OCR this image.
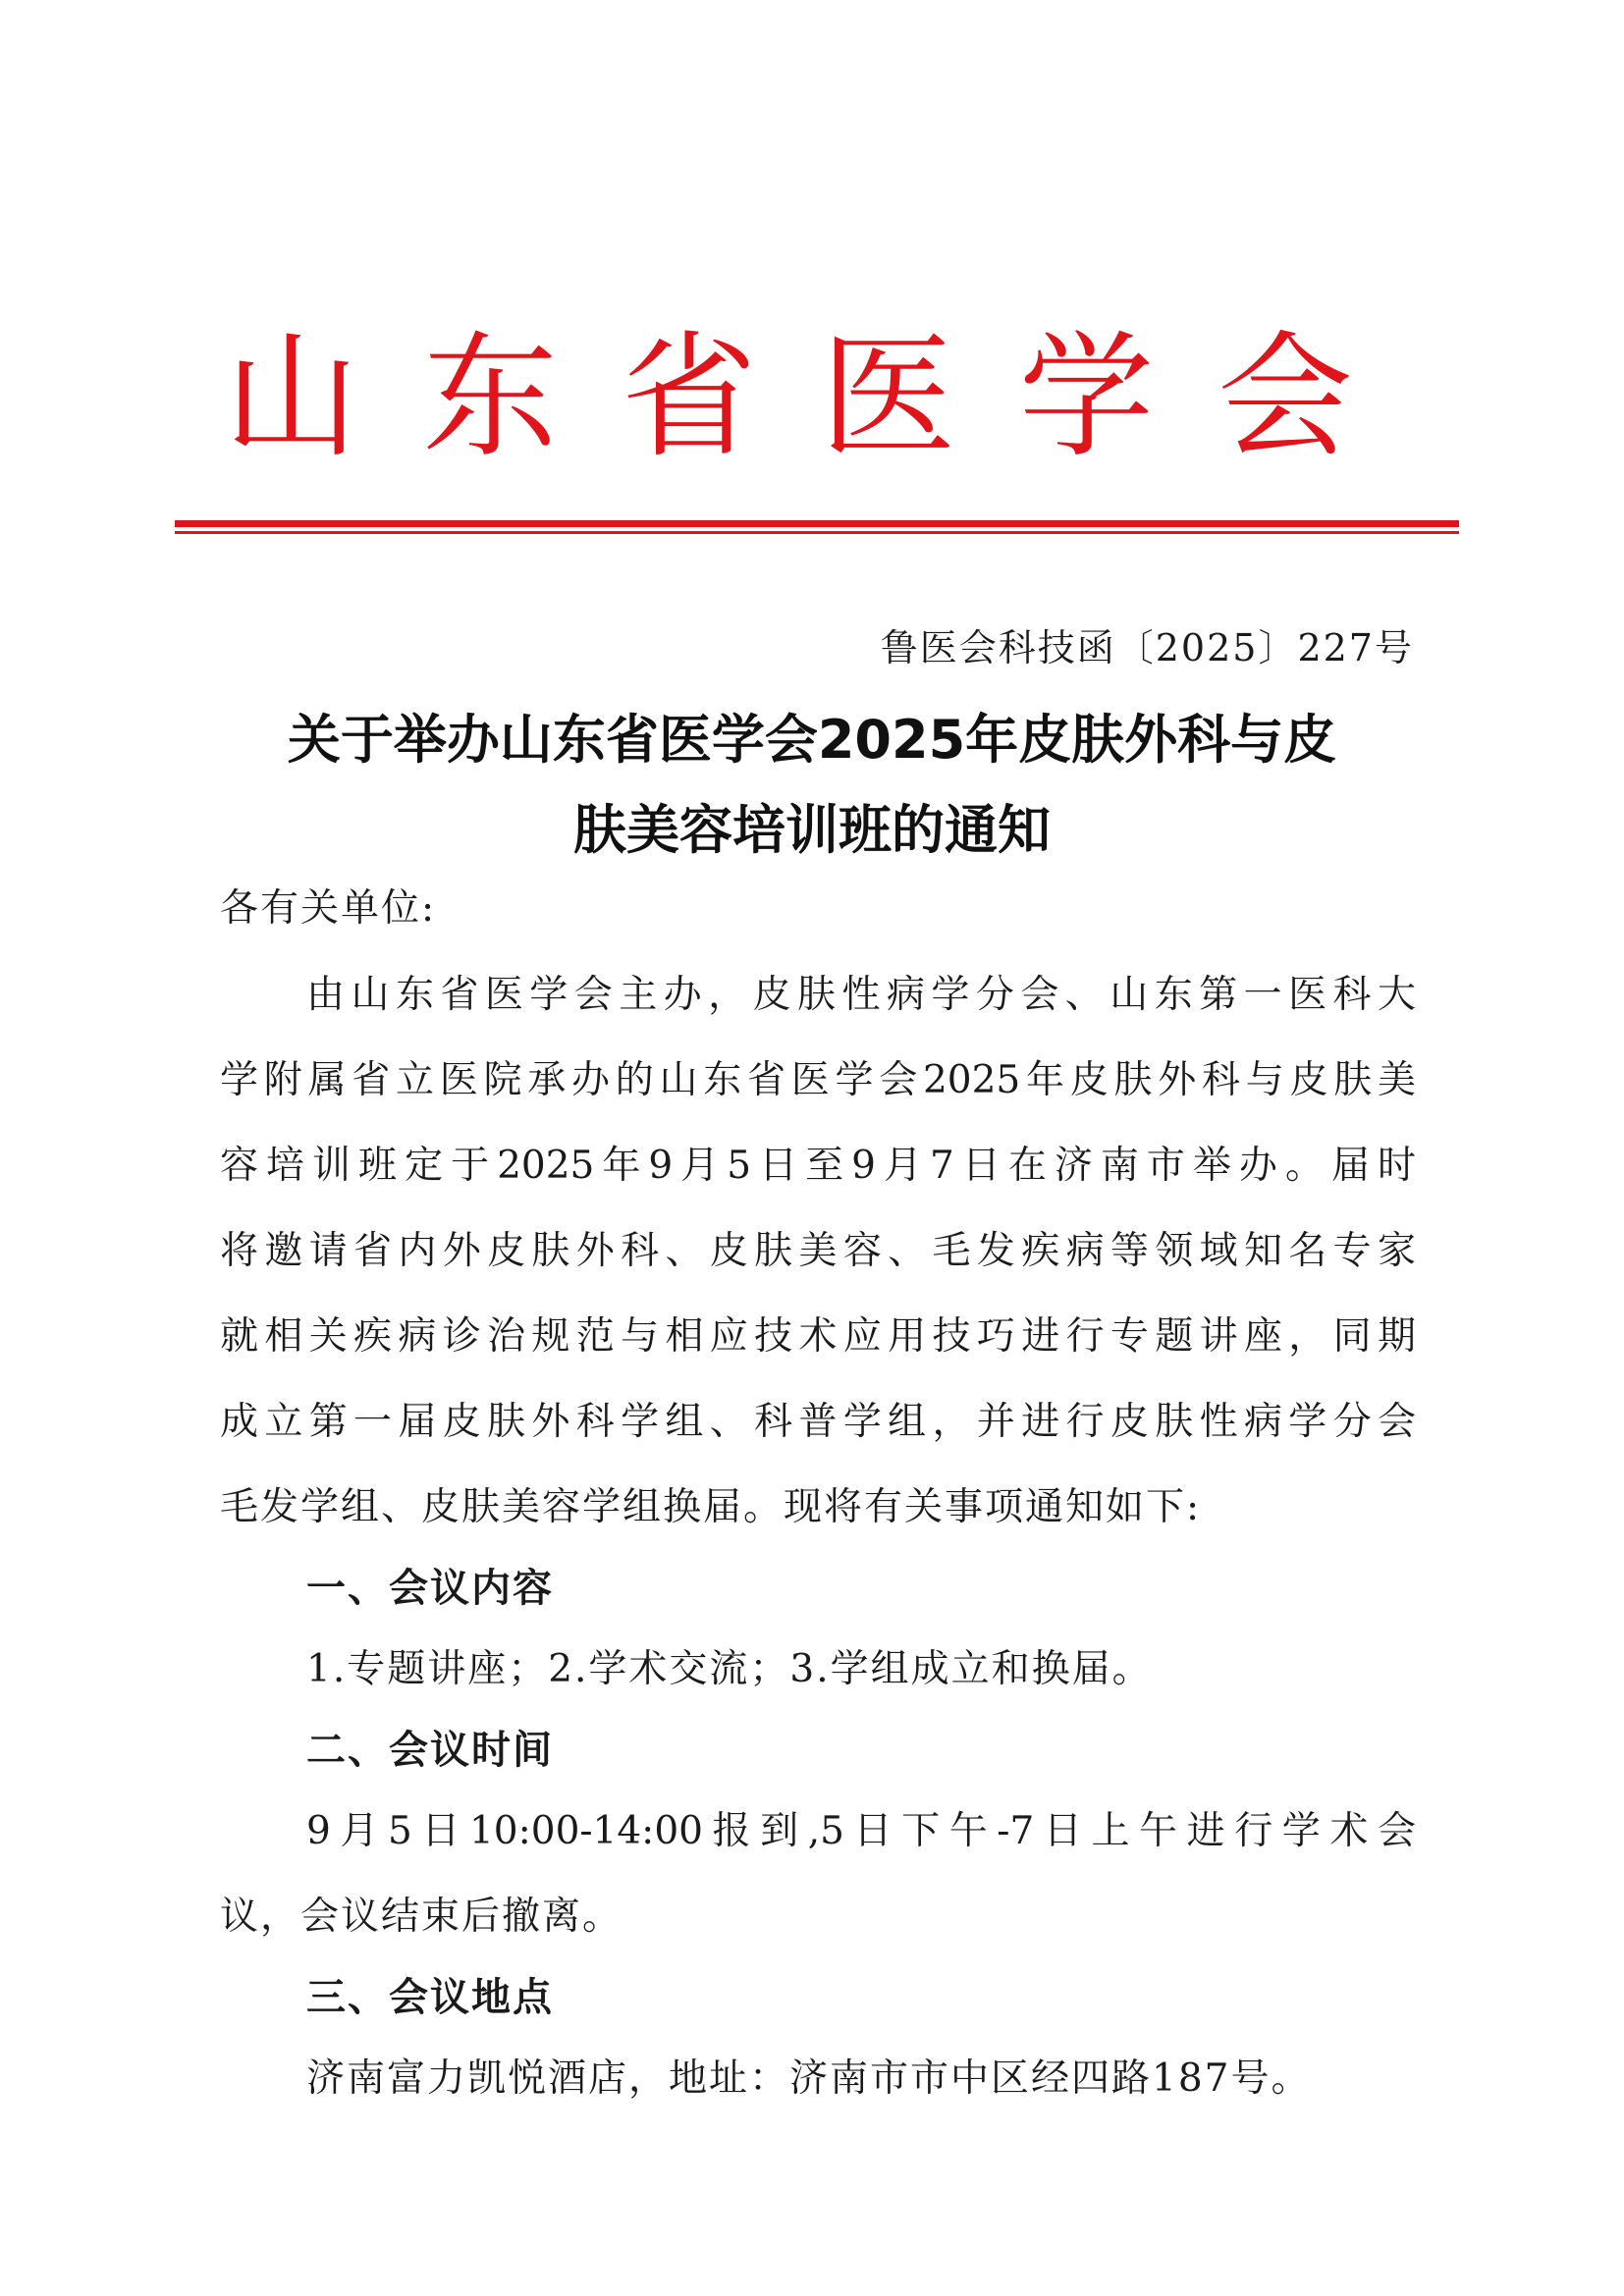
山 东 省 医 学 会
鲁医会科技函〔2025〕227号
关于举办山东省医学会2025年皮肤外科与皮
肤美容培训班的通知
各有关单位:
由山东省医学会主办，皮肤性病学分会、山东第一医科大
学附属省立医院承办的山东省医学会2025年皮肤外科与皮肤美
容培训班定于2025年9月5日至9月7日在济南市举办。届时
将邀请省内外皮肤外科、皮肤美容、毛发疾病等领域知名专家
就相关疾病诊治规范与相应技术应用技巧进行专题讲座，同期
成立第一届皮肤外科学组、科普学组，并进行皮肤性病学分会
毛发学组、皮肤美容学组换届。现将有关事项通知如下:
一、会议内容
1.专题讲座；2.学术交流；3.学组成立和换届。
二、会议时间
9月5日10:00-14:00报到,5日下午-7日上午进行学术会
议，会议结束后撤离。
三、会议地点
济南富力凯悦酒店，地址：济南市市中区经四路187号。
